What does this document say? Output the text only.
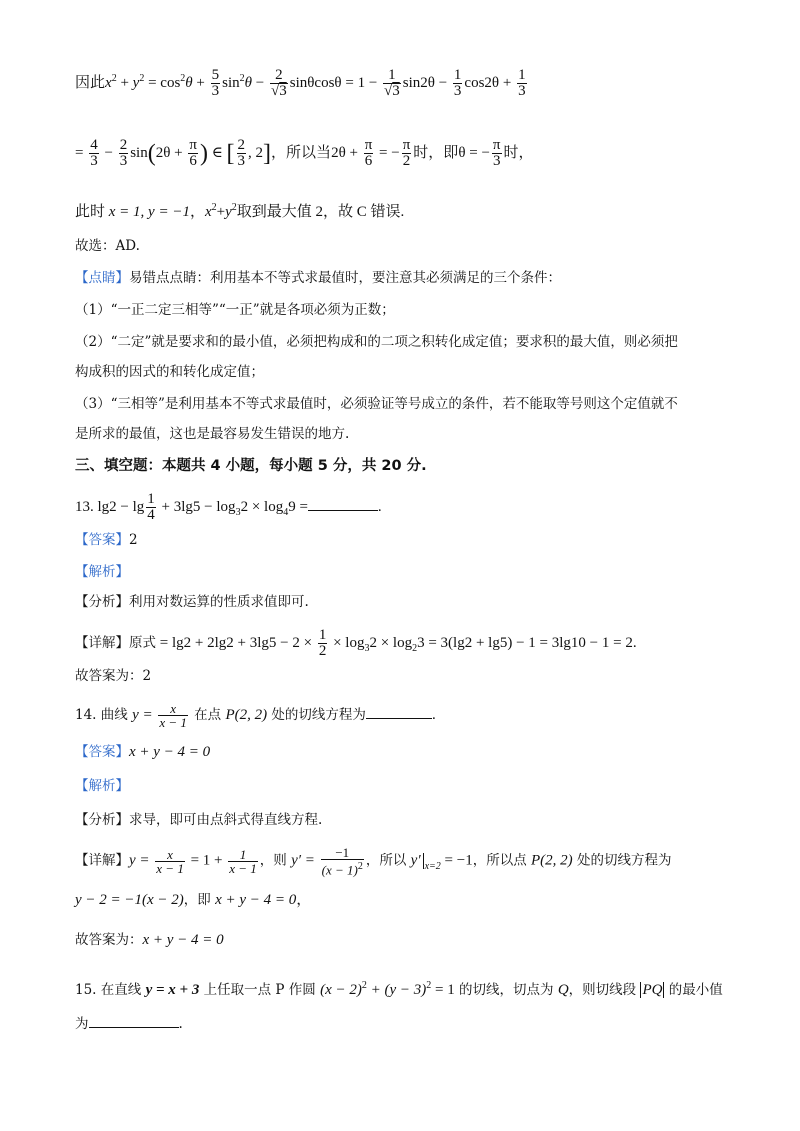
因此$x^2 + y^2 = \cos^2\theta + \frac{5}{3} \sin^2\theta - \frac{2}{√3}$ $\sin\theta\cos\theta = 1 - \frac{1}{√3} \sin 2\theta - \frac{1}{3} \cos 2\theta + \frac{1}{3}$
= $\frac{4}{3} - \frac{2}{3} \sin(2\theta + \frac{\pi}{6}$ ) ∈ [ $\frac{2}{3}$ , 2]，所以当$2\theta + \frac{\pi}{6}$ = − $\frac{\pi}{2}$ 时，即θ = − $\frac{\pi}{3}$ 时，
此时 x = 1, y = −1，$x^2+y^2$取到最大值 2，故 C 错误.
故选：AD.
【点睛】易错点点睛：利用基本不等式求最值时，要注意其必须满足的三个条件：
（1）“一正二定三相等”“一正”就是各项必须为正数；
（2）“二定”就是要求和的最小值，必须把构成和的二项之积转化成定值；要求积的最大值，则必须把
构成积的因式的和转化成定值；
（3）“三相等”是利用基本不等式求最值时，必须验证等号成立的条件，若不能取等号则这个定值就不
是所求的最值，这也是最容易发生错误的地方.
三、填空题：本题共 4 小题，每小题 5 分，共 20 分.
13. $\lg 2 - \lg \frac{1}{4} + 3\lg 5 - \log_32 \times \log_49$ =	.
【答案】2
【解析】
【分析】利用对数运算的性质求值即可.
【详解】原式 = $\lg 2 + 2\lg 2 + 3\lg 5 - 2 \times \frac{1}{2} \times \log_32 \times \log_23 = 3(\lg 2 + \lg 5) - 1 = 3\lg 10 - 1 = 2$.
故答案为：2
14. 曲线 $y = \frac{x}{x - 1}$ 在点 P(2, 2) 处的切线方程为	.
【答案】x + y − 4 = 0
【解析】
【分析】求导，即可由点斜式得直线方程.
【详解】$y = \frac{x}{x - 1} = 1 + \frac{1}{x - 1}$ ，则 $y' = \frac{-1}{(x - 1)^2}$ ，所以 y′ $_{x=2}$ = −1，所以点 P(2, 2) 处的切线方程为
y − 2 = −1(x − 2)，即 x + y − 4 = 0，
故答案为：x + y − 4 = 0
15. 在直线 y = x + 3 上任取一点 P 作圆 $(x - 2)^2 + (y - 3)^2 = 1$ 的切线，切点为 Q，则切线段 PQ 的最小值
为	.
